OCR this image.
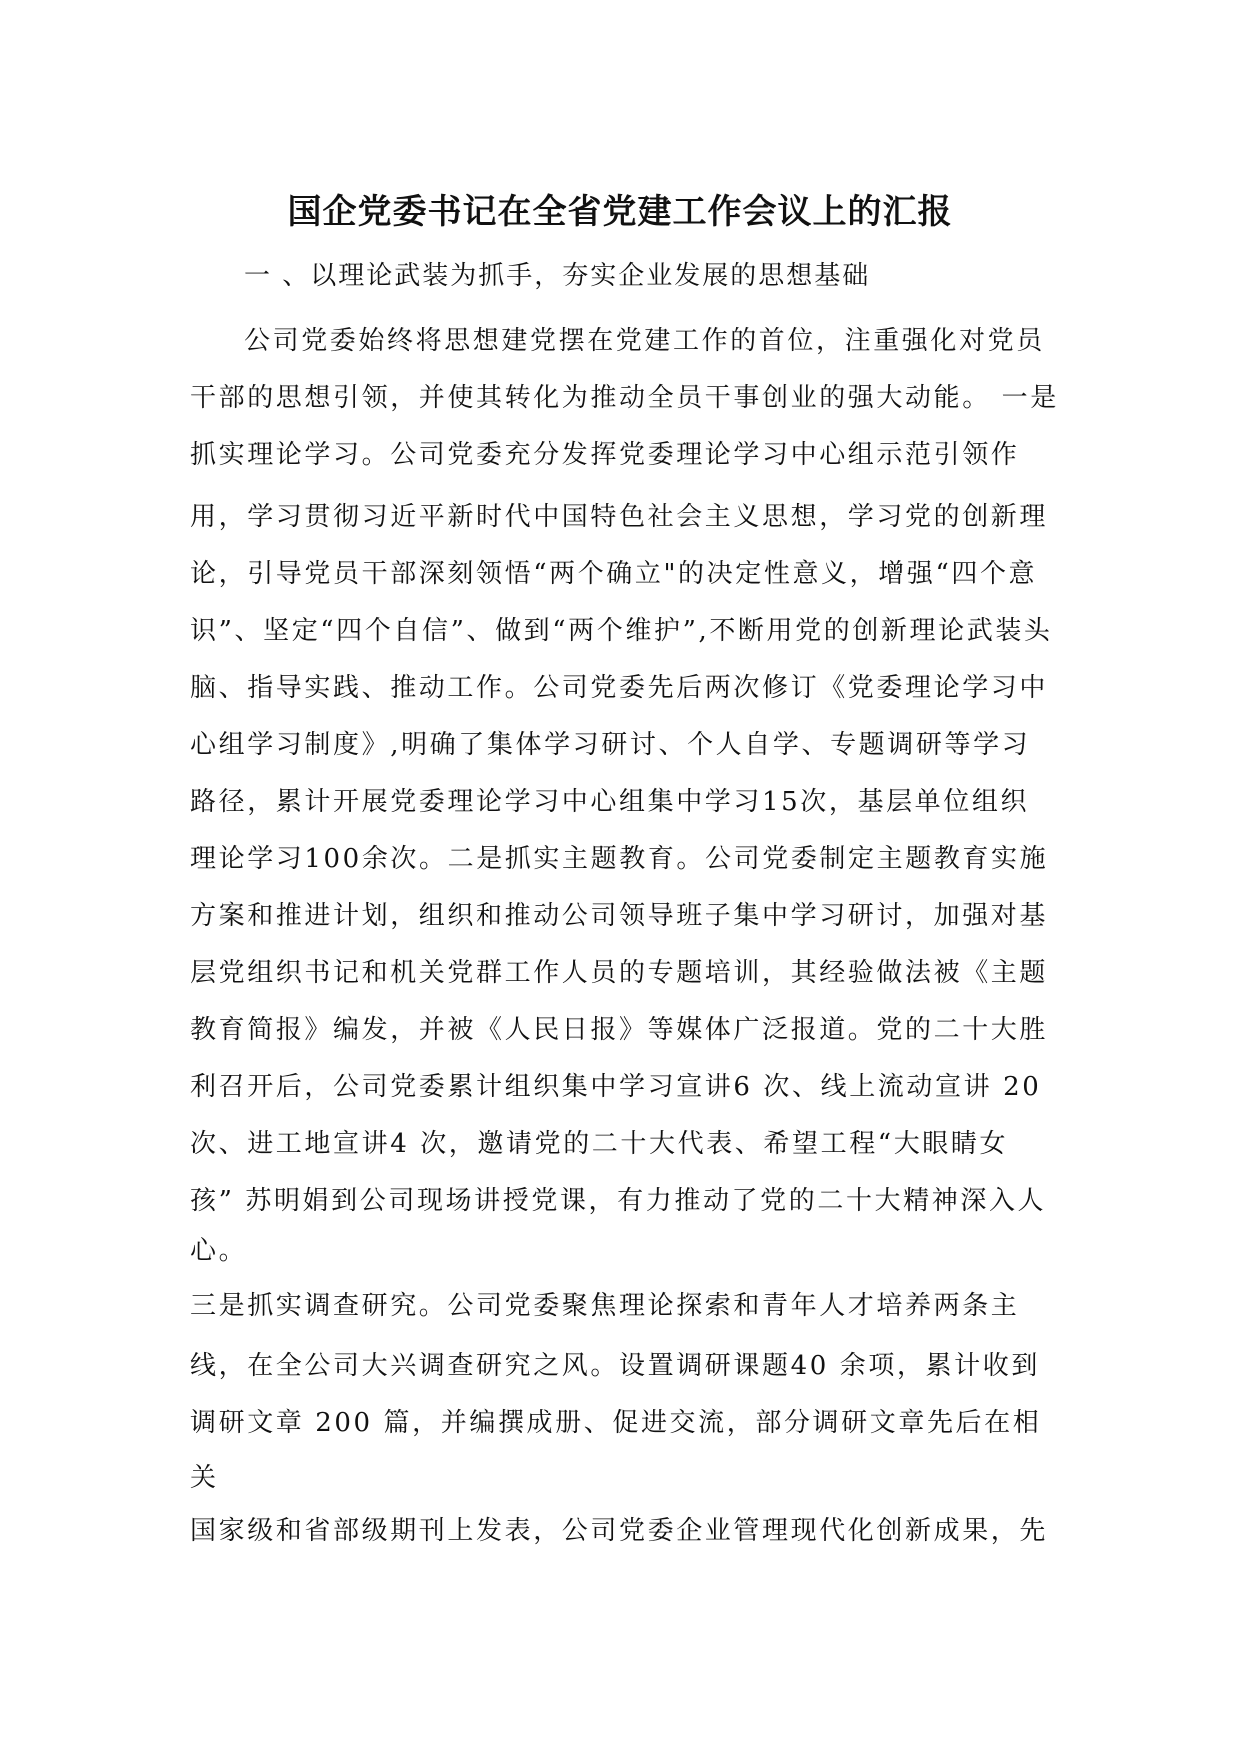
国企党委书记在全省党建工作会议上的汇报
一 、以理论武装为抓手，夯实企业发展的思想基础
公司党委始终将思想建党摆在党建工作的首位，注重强化对党员
干部的思想引领，并使其转化为推动全员干事创业的强大动能。 一是
抓实理论学习。公司党委充分发挥党委理论学习中心组示范引领作
用，学习贯彻习近平新时代中国特色社会主义思想，学习党的创新理
论，引导党员干部深刻领悟“两个确立"的决定性意义，增强“四个意
识”、坚定“四个自信”、做到“两个维护”,不断用党的创新理论武装头
脑、指导实践、推动工作。公司党委先后两次修订《党委理论学习中
心组学习制度》,明确了集体学习研讨、个人自学、专题调研等学习
路径，累计开展党委理论学习中心组集中学习15次，基层单位组织
理论学习100余次。二是抓实主题教育。公司党委制定主题教育实施
方案和推进计划，组织和推动公司领导班子集中学习研讨，加强对基
层党组织书记和机关党群工作人员的专题培训，其经验做法被《主题
教育简报》编发，并被《人民日报》等媒体广泛报道。党的二十大胜
利召开后，公司党委累计组织集中学习宣讲6 次、线上流动宣讲 20
次、进工地宣讲4 次，邀请党的二十大代表、希望工程“大眼睛女
孩” 苏明娟到公司现场讲授党课，有力推动了党的二十大精神深入人
心。
三是抓实调查研究。公司党委聚焦理论探索和青年人才培养两条主
线，在全公司大兴调查研究之风。设置调研课题40 余项，累计收到
调研文章 200 篇，并编撰成册、促进交流，部分调研文章先后在相
关
国家级和省部级期刊上发表，公司党委企业管理现代化创新成果，先
